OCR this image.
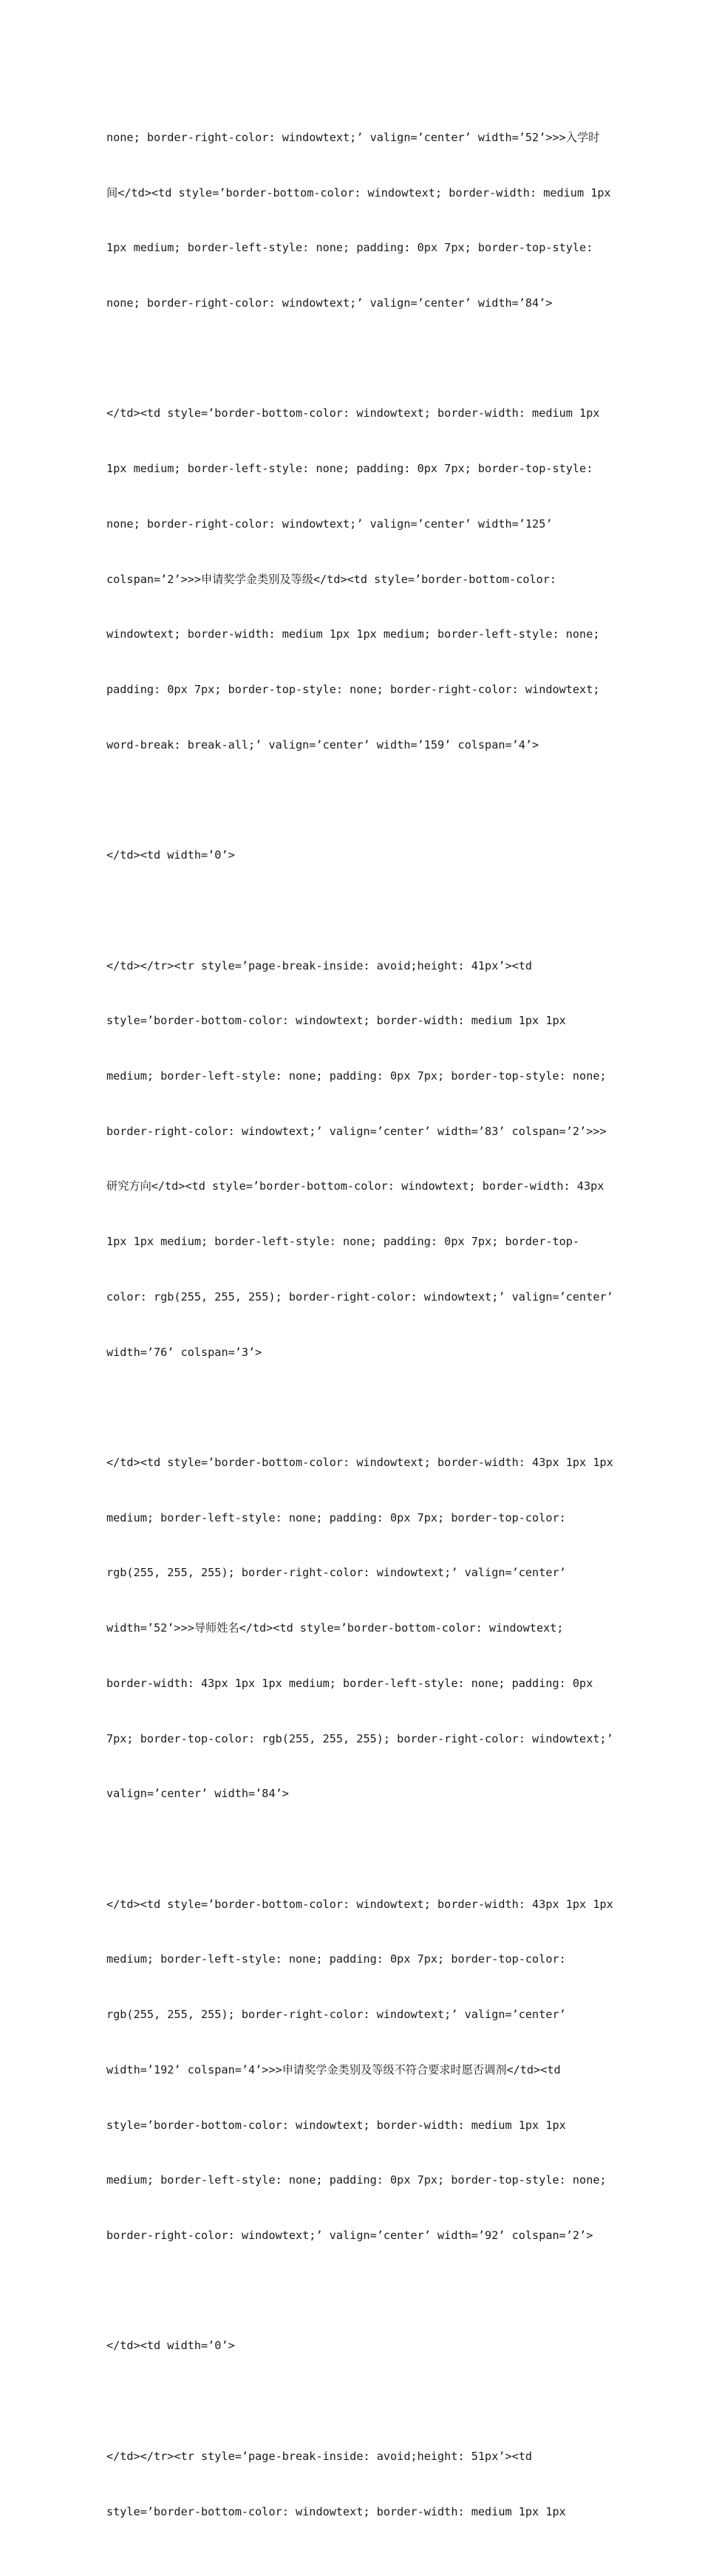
none; border-right-color: windowtext;’ valign=’center’ width=’52’>>>入学时

间</td><td style=’border-bottom-color: windowtext; border-width: medium 1px

1px medium; border-left-style: none; padding: 0px 7px; border-top-style:

none; border-right-color: windowtext;’ valign=’center’ width=’84’>

</td><td style=’border-bottom-color: windowtext; border-width: medium 1px

1px medium; border-left-style: none; padding: 0px 7px; border-top-style:

none; border-right-color: windowtext;’ valign=’center’ width=’125’

colspan=’2’>>>申请奖学金类别及等级</td><td style=’border-bottom-color:

windowtext; border-width: medium 1px 1px medium; border-left-style: none;

padding: 0px 7px; border-top-style: none; border-right-color: windowtext;

word-break: break-all;’ valign=’center’ width=’159’ colspan=’4’>

</td><td width=’0’>

</td></tr><tr style=’page-break-inside: avoid;height: 41px’><td

style=’border-bottom-color: windowtext; border-width: medium 1px 1px

medium; border-left-style: none; padding: 0px 7px; border-top-style: none;

border-right-color: windowtext;’ valign=’center’ width=’83’ colspan=’2’>>>

研究方向</td><td style=’border-bottom-color: windowtext; border-width: 43px

1px 1px medium; border-left-style: none; padding: 0px 7px; border-top-

color: rgb(255, 255, 255); border-right-color: windowtext;’ valign=’center’

width=’76’ colspan=’3’>

</td><td style=’border-bottom-color: windowtext; border-width: 43px 1px 1px

medium; border-left-style: none; padding: 0px 7px; border-top-color:

rgb(255, 255, 255); border-right-color: windowtext;’ valign=’center’

width=’52’>>>导师姓名</td><td style=’border-bottom-color: windowtext;

border-width: 43px 1px 1px medium; border-left-style: none; padding: 0px

7px; border-top-color: rgb(255, 255, 255); border-right-color: windowtext;’

valign=’center’ width=’84’>

</td><td style=’border-bottom-color: windowtext; border-width: 43px 1px 1px

medium; border-left-style: none; padding: 0px 7px; border-top-color:

rgb(255, 255, 255); border-right-color: windowtext;’ valign=’center’

width=’192’ colspan=’4’>>>申请奖学金类别及等级不符合要求时愿否调剂</td><td

style=’border-bottom-color: windowtext; border-width: medium 1px 1px

medium; border-left-style: none; padding: 0px 7px; border-top-style: none;

border-right-color: windowtext;’ valign=’center’ width=’92’ colspan=’2’>

</td><td width=’0’>

</td></tr><tr style=’page-break-inside: avoid;height: 51px’><td

style=’border-bottom-color: windowtext; border-width: medium 1px 1px
